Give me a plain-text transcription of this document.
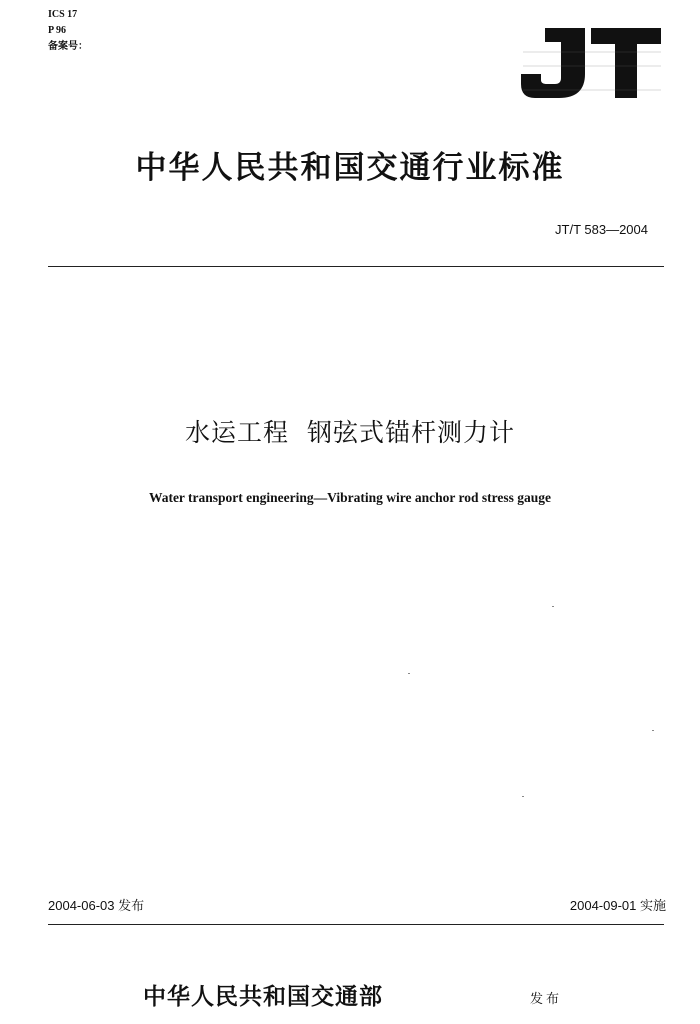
ICS 17
P 96
备案号：
中华人民共和国交通行业标准
JT/T 583—2004
水运工程  钢弦式锚杆测力计
Water transport engineering—Vibrating wire anchor rod stress gauge
2004-06-03 发布	2004-09-01 实施
中华人民共和国交通部	发布
